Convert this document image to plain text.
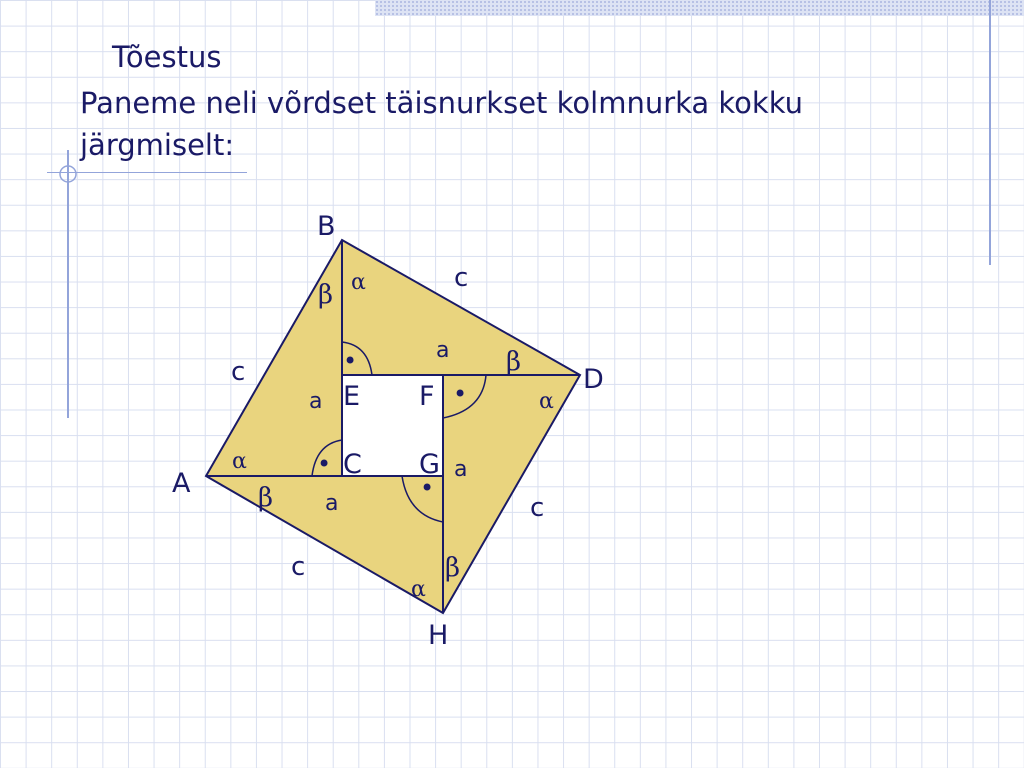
Tõestus
Paneme neli võrdset täisnurkset kolmnurka kokku
järgmiselt:
B
D
A
H
E F
C G
c
c
c
c
a
a
a
a
α
α
α
α
β
β
β
β
•
•
•
•
